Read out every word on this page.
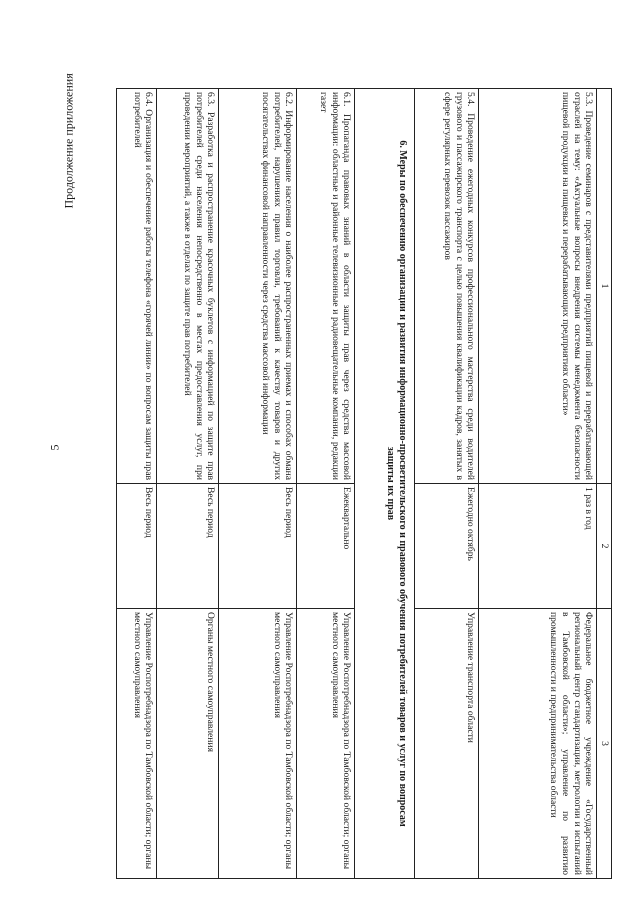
Продолжение приложения
5
1	2	3
5.3. Проведение семинаров с представителями предприятий пищевой и перерабатывающей отраслей на тему: «Актуальные вопросы внедрения системы менеджмента безопасности пищевой продукции на пищевых и перерабатывающих предприятиях области»	1 раз в год	Федеральное бюджетное учреждение «Государственный региональный центр стандартизации, метрологии и испытаний в Тамбовской области»; управление по развитию промышленности и предпринимательства области
5.4. Проведение ежегодных конкурсов профессионального мастерства среди водителей грузового и пассажирского транспорта с целью повышения квалификации кадров, занятых в сфере регулярных перевозок пассажиров	Ежегодно октябрь	Управление транспорта области
6. Меры по обеспечению организации и развития информационно-просветительского и правового обучения потребителей товаров и услуг по вопросам защиты их прав		
6.1. Пропаганда правовых знаний в области защиты прав через средства массовой информации: областные и районные телевизионные и радиовещательные компании, редакции газет	Ежеквартально	Управление Роспотребнадзора по Тамбовской области; органы местного самоуправления
6.2. Информирование населения о наиболее распространенных приемах и способах обмана потребителей, нарушениях правил торговли, требований к качеству товаров и других посягательствах финансовой направленности через средства массовой информации	Весь период	Управление Роспотребнадзора по Тамбовской области; органы местного самоуправления
6.3. Разработка и распространение красочных буклетов с информацией по защите прав потребителей среди населения непосредственно в местах предоставления услуг, при проведении мероприятий, а также в отделах по защите прав потребителей	Весь период	Органы местного самоуправления
6.4. Организация и обеспечение работы телефона «горячей линии» по вопросам защиты прав потребителей	Весь период	Управление Роспотребнадзора по Тамбовской области; органы местного самоуправления
